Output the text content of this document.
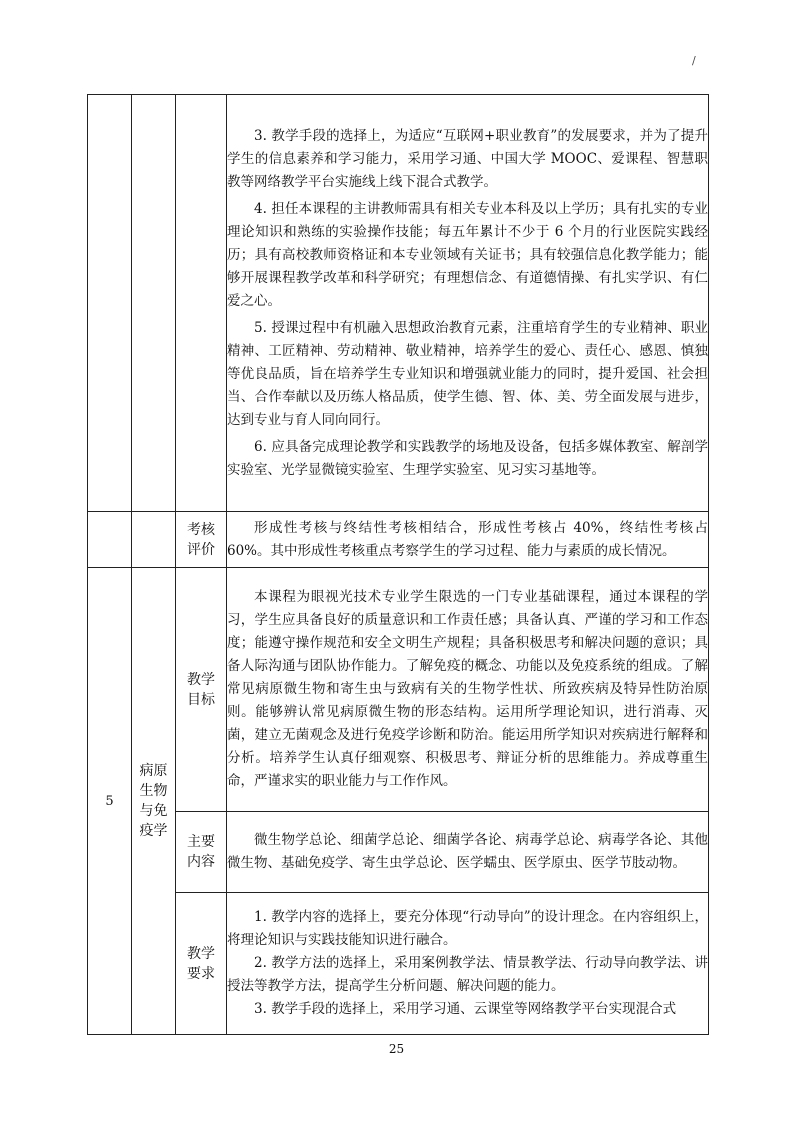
/

			3. 教学手段的选择上，为适应“互联网+职业教育”的发展要求，并为了提升学生的信息素养和学习能力，采用学习通、中国大学 MOOC、爱课程、智慧职教等网络教学平台实施线上线下混合式教学。

4. 担任本课程的主讲教师需具有相关专业本科及以上学历；具有扎实的专业理论知识和熟练的实验操作技能；每五年累计不少于 6 个月的行业医院实践经历；具有高校教师资格证和本专业领域有关证书；具有较强信息化教学能力；能够开展课程教学改革和科学研究；有理想信念、有道德情操、有扎实学识、有仁爱之心。

5. 授课过程中有机融入思想政治教育元素，注重培育学生的专业精神、职业精神、工匠精神、劳动精神、敬业精神，培养学生的爱心、责任心、感恩、慎独等优良品质，旨在培养学生专业知识和增强就业能力的同时，提升爱国、社会担当、合作奉献以及历练人格品质，使学生德、智、体、美、劳全面发展与进步，达到专业与育人同向同行。

6. 应具备完成理论教学和实践教学的场地及设备，包括多媒体教室、解剖学实验室、光学显微镜实验室、生理学实验室、见习实习基地等。

		考核评价	形成性考核与终结性考核相结合，形成性考核占 40%，终结性考核占 60%。其中形成性考核重点考察学生的学习过程、能力与素质的成长情况。

5	病原生物与免疫学	教学目标	本课程为眼视光技术专业学生限选的一门专业基础课程，通过本课程的学习，学生应具备良好的质量意识和工作责任感；具备认真、严谨的学习和工作态度；能遵守操作规范和安全文明生产规程；具备积极思考和解决问题的意识；具备人际沟通与团队协作能力。了解免疫的概念、功能以及免疫系统的组成。了解常见病原微生物和寄生虫与致病有关的生物学性状、所致疾病及特异性防治原则。能够辨认常见病原微生物的形态结构。运用所学理论知识，进行消毒、灭菌，建立无菌观念及进行免疫学诊断和防治。能运用所学知识对疾病进行解释和分析。培养学生认真仔细观察、积极思考、辩证分析的思维能力。养成尊重生命，严谨求实的职业能力与工作作风。

		主要内容	微生物学总论、细菌学总论、细菌学各论、病毒学总论、病毒学各论、其他微生物、基础免疫学、寄生虫学总论、医学蠕虫、医学原虫、医学节肢动物。

		教学要求	1. 教学内容的选择上，要充分体现“行动导向”的设计理念。在内容组织上，将理论知识与实践技能知识进行融合。

2. 教学方法的选择上，采用案例教学法、情景教学法、行动导向教学法、讲授法等教学方法，提高学生分析问题、解决问题的能力。

3. 教学手段的选择上，采用学习通、云课堂等网络教学平台实现混合式

25
